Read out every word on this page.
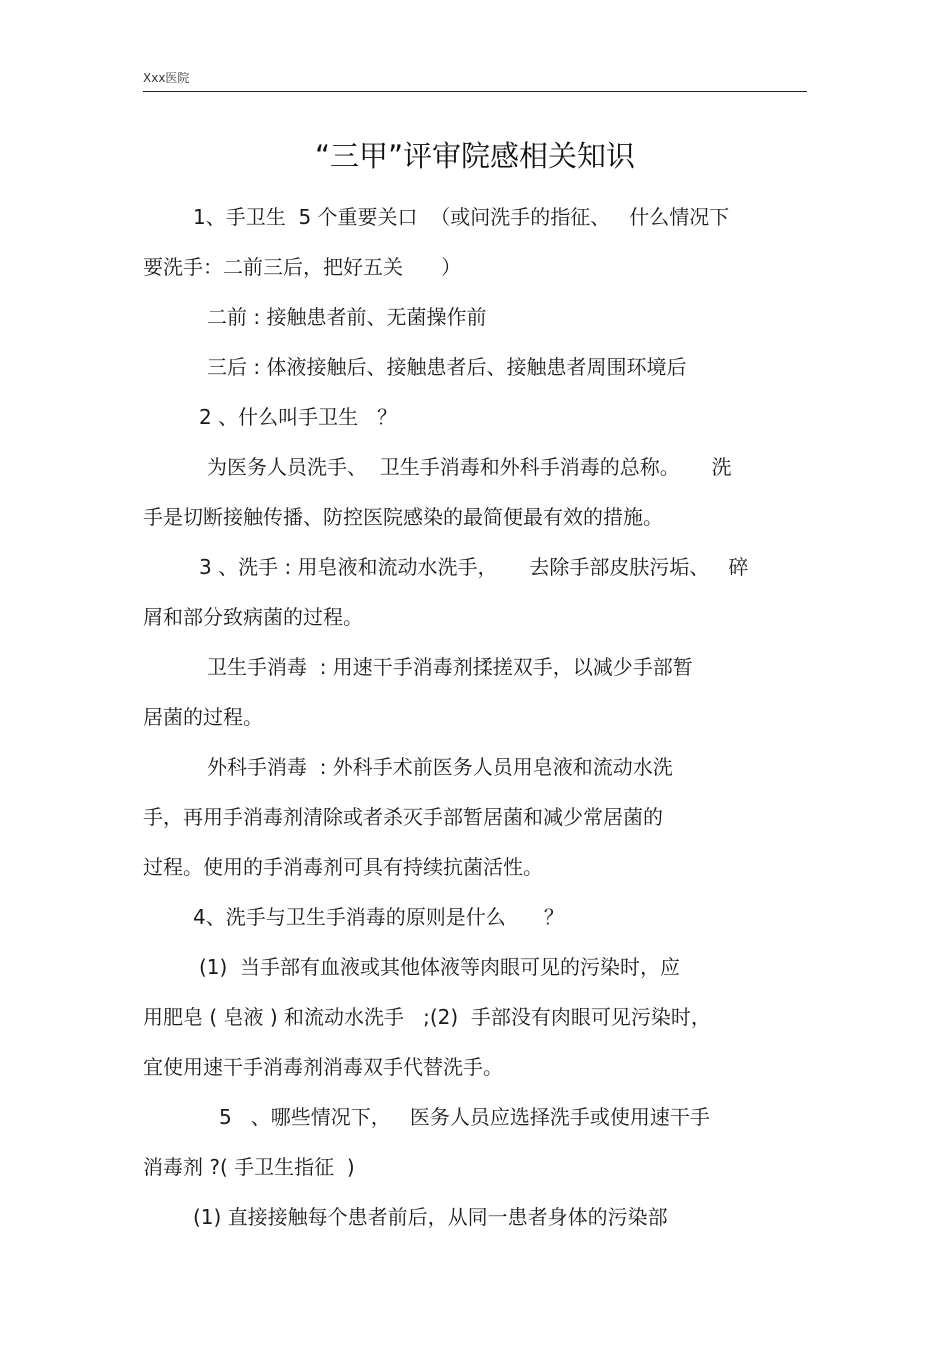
Xxx医院
“三甲”评审院感相关知识
1、手卫生  5 个重要关口  （或问洗手的指征、   什么情况下
要洗手：二前三后，把好五关      ）
二前 : 接触患者前、无菌操作前
三后 : 体液接触后、接触患者后、接触患者周围环境后
2 、什么叫手卫生   ？
为医务人员洗手、  卫生手消毒和外科手消毒的总称。     洗
手是切断接触传播、防控医院感染的最简便最有效的措施。
3 、洗手 : 用皂液和流动水洗手，     去除手部皮肤污垢、   碎
屑和部分致病菌的过程。
卫生手消毒  : 用速干手消毒剂揉搓双手，以减少手部暂
居菌的过程。
外科手消毒  : 外科手术前医务人员用皂液和流动水洗
手，再用手消毒剂清除或者杀灭手部暂居菌和减少常居菌的
过程。使用的手消毒剂可具有持续抗菌活性。
4、洗手与卫生手消毒的原则是什么      ？
(1)  当手部有血液或其他体液等肉眼可见的污染时，应
用肥皂 ( 皂液 ) 和流动水洗手   ;(2)  手部没有肉眼可见污染时，
宜使用速干手消毒剂消毒双手代替洗手。
5   、哪些情况下，   医务人员应选择洗手或使用速干手
消毒剂 ?( 手卫生指征  )
(1) 直接接触每个患者前后，从同一患者身体的污染部
